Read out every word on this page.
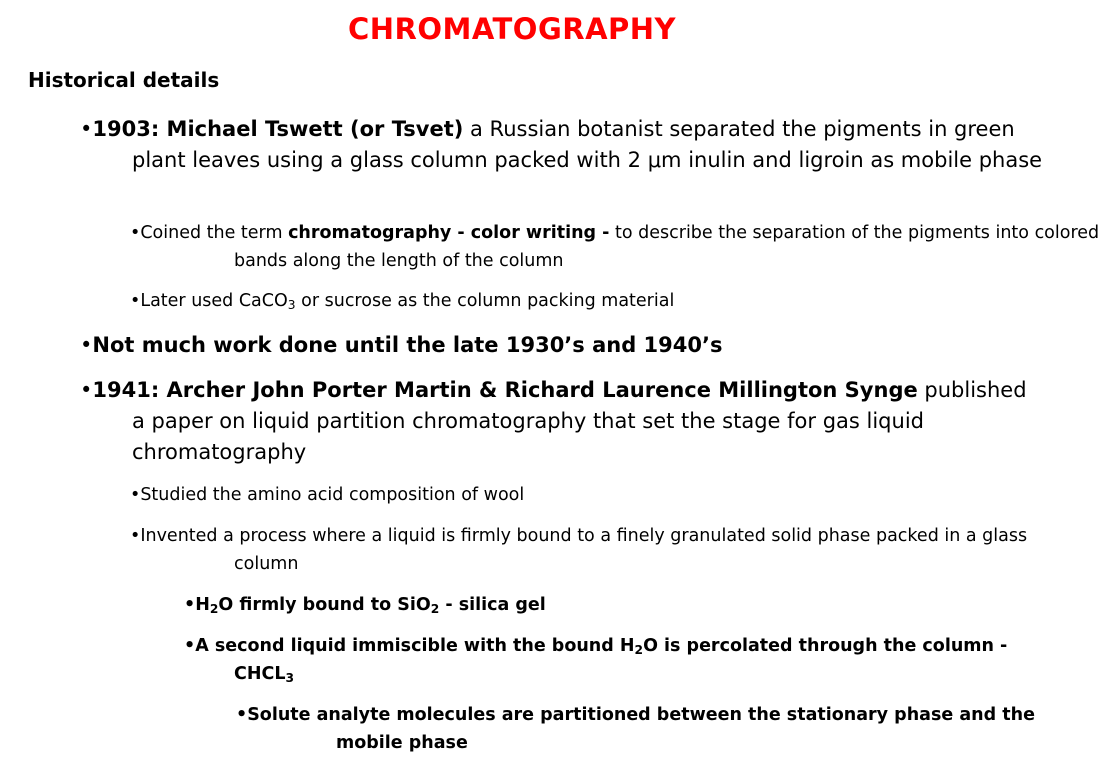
CHROMATOGRAPHY
Historical details

•1903: Michael Tswett (or Tsvet) a Russian botanist separated the pigments in green plant leaves using a glass column packed with 2 μm inulin and ligroin as mobile phase

•Coined the term chromatography - color writing - to describe the separation of the pigments into colored bands along the length of the column

•Later used CaCO$_3$ or sucrose as the column packing material

•Not much work done until the late 1930’s and 1940’s

•1941: Archer John Porter Martin & Richard Laurence Millington Synge published a paper on liquid partition chromatography that set the stage for gas liquid chromatography

•Studied the amino acid composition of wool

•Invented a process where a liquid is firmly bound to a finely granulated solid phase packed in a glass column

$•H_2O$ firmly bound to SiO$_2$ - silica gel

•A second liquid immiscible with the bound $H_2O$ is percolated through the column - $CHCL_3$

•Solute analyte molecules are partitioned between the stationary phase and the mobile phase
